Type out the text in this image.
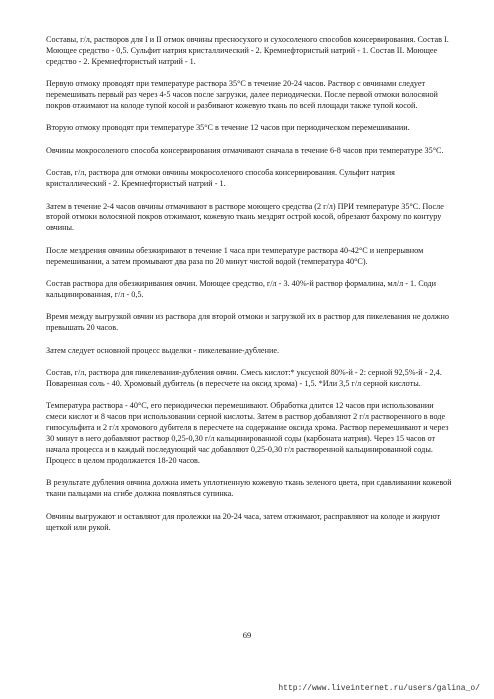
Составы, г/л, растворов для I и II отмок овчины пресносухого и сухосоленого способов консервирования. Состав I. Моющее средство - 0,5. Сульфит натрия кристаллический - 2. Кремнефтористый натрий - 1. Состав II. Моющее средство - 2. Кремнефтористый натрий - 1.

Первую отмоку проводят при температуре раствора 35°С в течение 20-24 часов. Раствор с овчинами следует перемешивать первый раз через 4-5 часов после загрузки, далее периодически. После первой отмоки волосяной покров отжимают на колоде тупой косой и разбивают кожевую ткань по всей площади также тупой косой.

Вторую отмоку проводят при температуре 35°С в течение 12 часов при периодическом перемешивании.

Овчины мокросоленого способа консервирования отмачивают сначала в течение 6-8 часов при температуре 35°С.

Состав, г/л, раствора для отмоки овчины мокросоленого способа консервирования. Сульфит натрия кристаллический - 2. Кремнефтористый натрий - 1.

Затем в течение 2-4 часов овчины отмачивают в растворе моющего средства (2 г/л) ПРИ температуре 35°С. После второй отмоки волосяной покров отжимают, кожевую ткань мездрят острой косой, обрезают бахрому по контуру овчины.

После мездрения овчины обезжиривают в течение 1 часа при температуре раствора 40-42°С и непрерывном перемешивании, а затем промывают два раза по 20 минут чистой водой (температура 40°С).

Состав раствора для обезжиривания овчин. Моющее средство, г/л - 3. 40%-й раствор формалина, мл/л - 1. Соди кальцинированная, г/л - 0,5.

Время между выгрузкой овчин из раствора для второй отмоки и загрузкой их в раствор для пикелевания не должно превышать 20 часов.

Затем следует основной процесс выделки - пикелевание-дубление.

Состав, г/л, раствора для пикелевания-дубления овчин. Смесь кислот:* уксусной 80%-й - 2: серной 92,5%-й - 2,4. Поваренная соль - 40. Хромовый дубитель (в пересчете на оксид хрома) - 1,5. *Или 3,5 г/л серной кислоты.

Температура раствора - 40°С, его периодически перемешивают. Обработка длится 12 часов при использовании смеси кислот и 8 часов при использовании серной кислоты. Затем в раствор добавляют 2 г/л растворенного в воде гипосульфита и 2 г/л хромового дубителя в пересчете на содержание оксида хрома. Раствор перемешивают и через 30 минут в него добавляют раствор 0,25-0,30 г/л кальцинированной соды (карбоната натрия). Через 15 часов от начала процесса и в каждый последующий час добавляют 0,25-0,30 г/л растворенной кальцинированной соды. Процесс в целом продолжается 18-20 часов.

В результате дубления овчина должна иметь уплотненную кожевую ткань зеленого цвета, при сдавливании кожевой ткани пальцами на сгибе должна появляться супинка.

Овчины выгружают и оставляют для пролежки на 20-24 часа, затем отжимают, расправляют на колоде и жируют щеткой или рукой.

69
http://www.liveinternet.ru/users/galina_o/
